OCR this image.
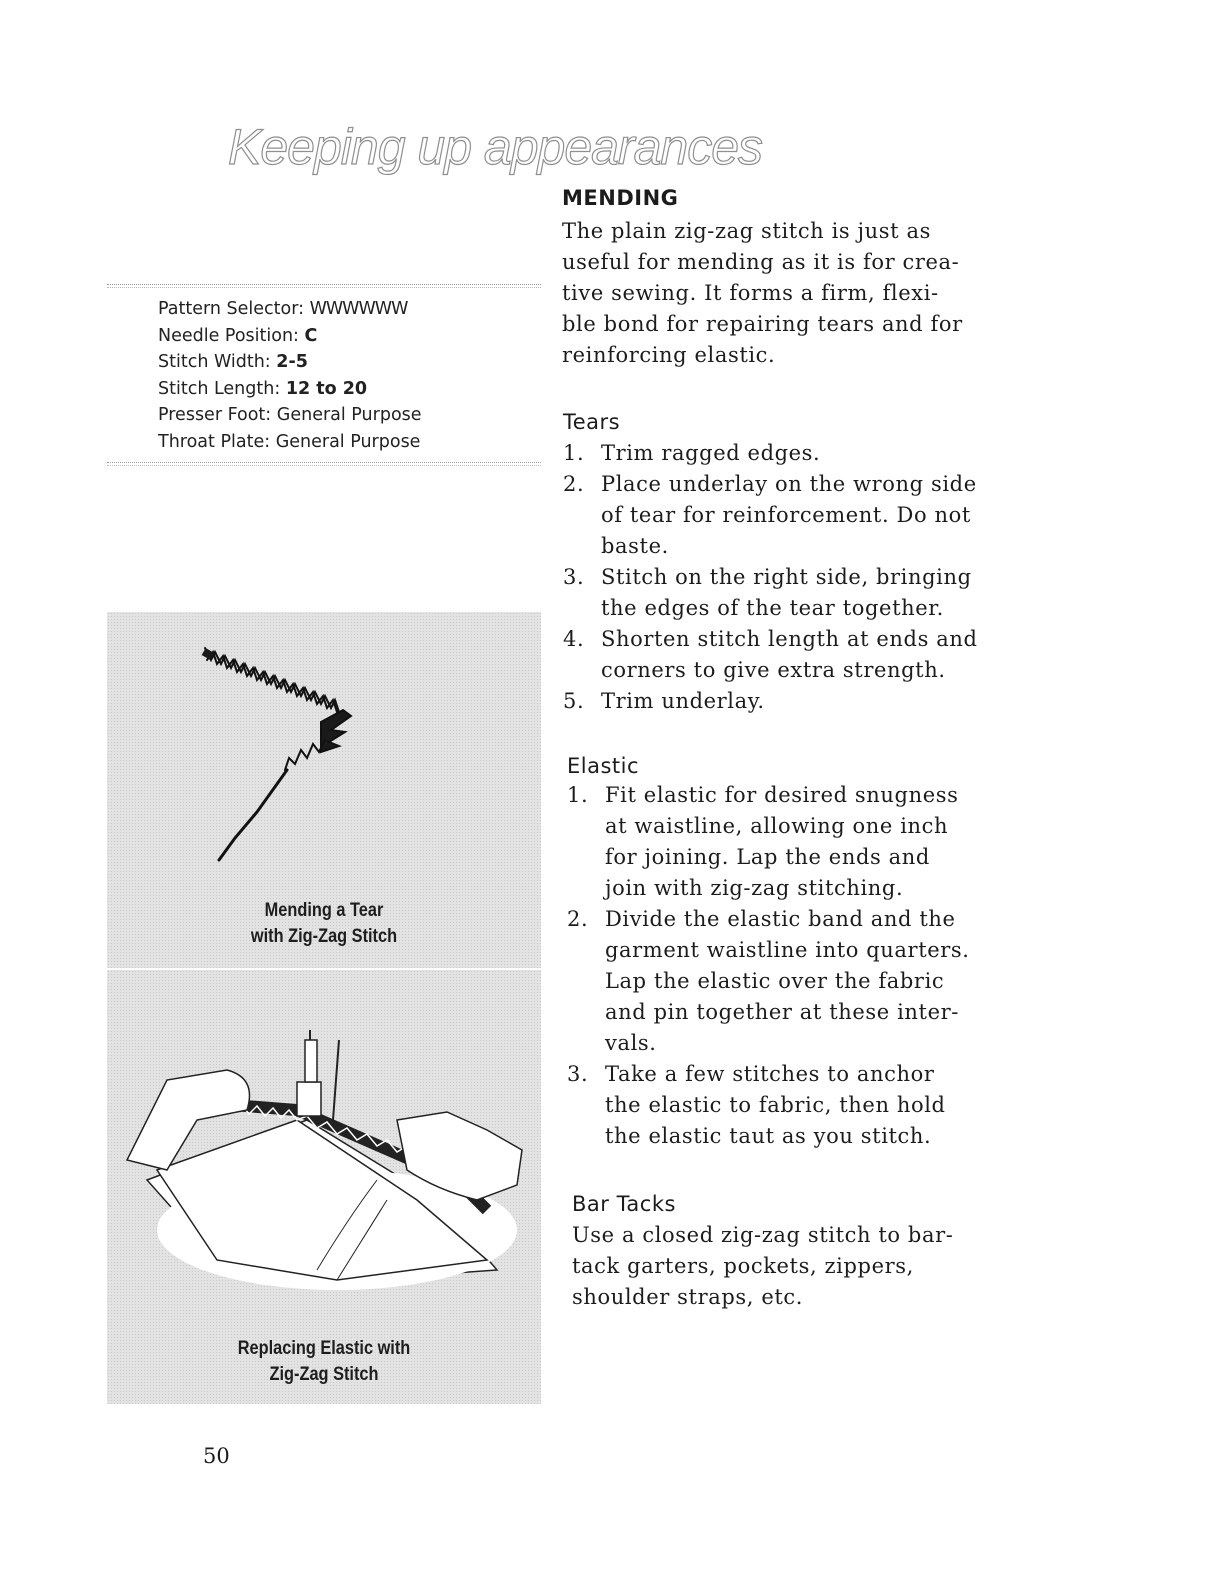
Keeping up appearances
Pattern Selector: WWWWWW
Needle Position: C
Stitch Width: 2-5
Stitch Length: 12 to 20
Presser Foot: General Purpose
Throat Plate: General Purpose
Mending a Tear
with Zig-Zag Stitch
Replacing Elastic with
Zig-Zag Stitch
MENDING
The plain zig-zag stitch is just as
useful for mending as it is for crea-
tive sewing. It forms a firm, flexi-
ble bond for repairing tears and for
reinforcing elastic.
Tears
1. Trim ragged edges.
2. Place underlay on the wrong side
of tear for reinforcement. Do not
baste.
3. Stitch on the right side, bringing
the edges of the tear together.
4. Shorten stitch length at ends and
corners to give extra strength.
5. Trim underlay.
Elastic
1. Fit elastic for desired snugness
at waistline, allowing one inch
for joining. Lap the ends and
join with zig-zag stitching.
2. Divide the elastic band and the
garment waistline into quarters.
Lap the elastic over the fabric
and pin together at these inter-
vals.
3. Take a few stitches to anchor
the elastic to fabric, then hold
the elastic taut as you stitch.
Bar Tacks
Use a closed zig-zag stitch to bar-
tack garters, pockets, zippers,
shoulder straps, etc.
50
